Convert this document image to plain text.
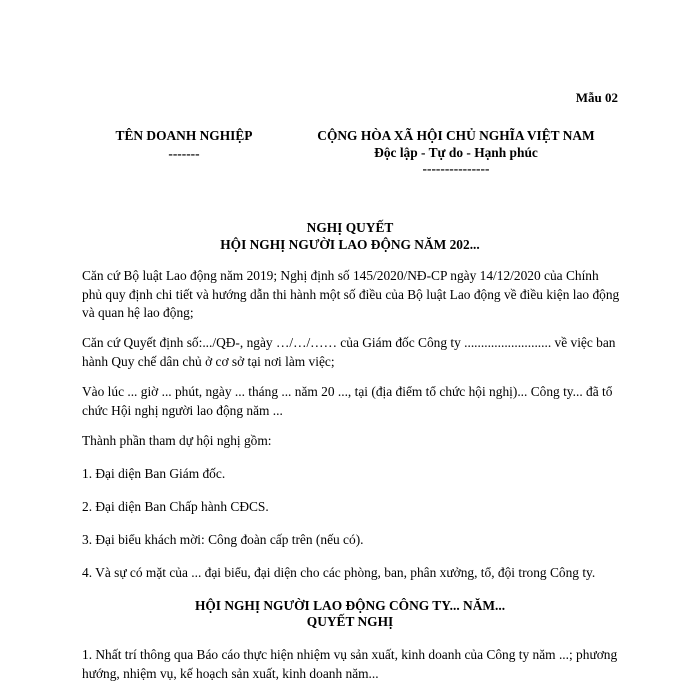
Mẫu 02
TÊN DOANH NGHIỆP
-------
CỘNG HÒA XÃ HỘI CHỦ NGHĨA VIỆT NAM
Độc lập - Tự do - Hạnh phúc
---------------
NGHỊ QUYẾT
HỘI NGHỊ NGƯỜI LAO ĐỘNG NĂM 202...
Căn cứ Bộ luật Lao động năm 2019; Nghị định số 145/2020/NĐ-CP ngày 14/12/2020 của Chính phủ quy định chi tiết và hướng dẫn thi hành một số điều của Bộ luật Lao động về điều kiện lao động và quan hệ lao động;
Căn cứ Quyết định số:.../QĐ-, ngày …/…/…… của Giám đốc Công ty .......................... về việc ban hành Quy chế dân chủ ở cơ sở tại nơi làm việc;
Vào lúc ... giờ ... phút, ngày ... tháng ... năm 20 ..., tại (địa điểm tổ chức hội nghị)... Công ty... đã tổ chức Hội nghị người lao động năm ...
Thành phần tham dự hội nghị gồm:
1. Đại diện Ban Giám đốc.
2. Đại diện Ban Chấp hành CĐCS.
3. Đại biểu khách mời: Công đoàn cấp trên (nếu có).
4. Và sự có mặt của ... đại biểu, đại diện cho các phòng, ban, phân xưởng, tổ, đội trong Công ty.
HỘI NGHỊ NGƯỜI LAO ĐỘNG CÔNG TY... NĂM...
QUYẾT NGHỊ
1. Nhất trí thông qua Báo cáo thực hiện nhiệm vụ sản xuất, kinh doanh của Công ty năm ...; phương hướng, nhiệm vụ, kế hoạch sản xuất, kinh doanh năm...
